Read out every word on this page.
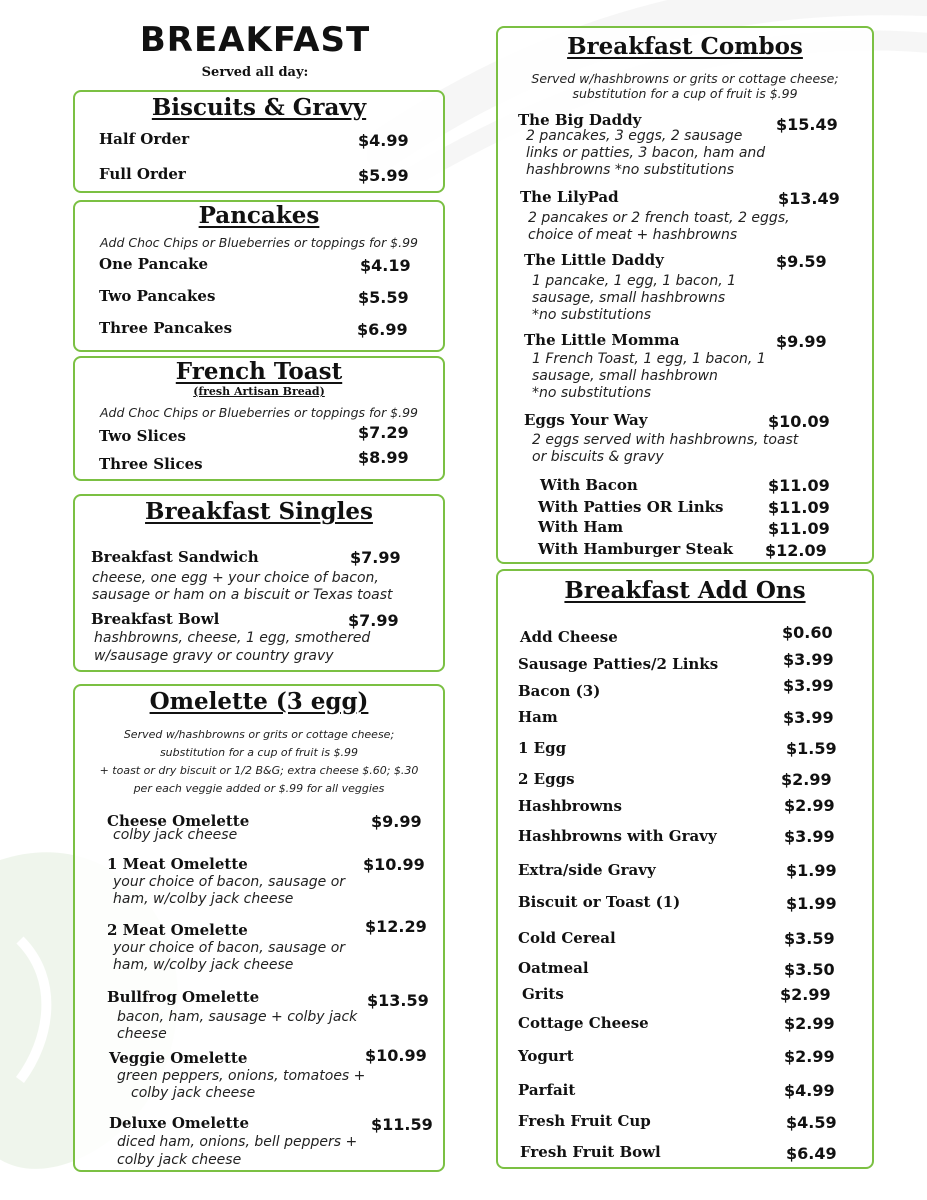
BREAKFAST
Served all day:
Biscuits & Gravy
Half Order	$4.99
Full Order	$5.99
Pancakes
Add Choc Chips or Blueberries or toppings for $.99
One Pancake	$4.19
Two Pancakes	$5.59
Three Pancakes	$6.99
French Toast
(fresh Artisan Bread)
Add Choc Chips or Blueberries or toppings for $.99
Two Slices	$7.29
Three Slices	$8.99
Breakfast Singles
Breakfast Sandwich	$7.99
cheese, one egg + your choice of bacon,
sausage or ham on a biscuit or Texas toast
Breakfast Bowl	$7.99
hashbrowns, cheese, 1 egg, smothered
w/sausage gravy or country gravy
Omelette (3 egg)
Served w/hashbrowns or grits or cottage cheese;
substitution for a cup of fruit is $.99
+ toast or dry biscuit or 1/2 B&G; extra cheese $.60; $.30
per each veggie added or $.99 for all veggies
Cheese Omelette	$9.99
colby jack cheese
1 Meat Omelette	$10.99
your choice of bacon, sausage or
ham, w/colby jack cheese
2 Meat Omelette	$12.29
your choice of bacon, sausage or
ham, w/colby jack cheese
Bullfrog Omelette	$13.59
bacon, ham, sausage + colby jack
cheese
Veggie Omelette	$10.99
green peppers, onions, tomatoes +
colby jack cheese
Deluxe Omelette	$11.59
diced ham, onions, bell peppers +
colby jack cheese
Breakfast Combos
Served w/hashbrowns or grits or cottage cheese;
substitution for a cup of fruit is $.99
The Big Daddy	$15.49
2 pancakes, 3 eggs, 2 sausage
links or patties, 3 bacon, ham and
hashbrowns *no substitutions
The LilyPad	$13.49
2 pancakes or 2 french toast, 2 eggs,
choice of meat + hashbrowns
The Little Daddy	$9.59
1 pancake, 1 egg, 1 bacon, 1
sausage, small hashbrowns
*no substitutions
The Little Momma	$9.99
1 French Toast, 1 egg, 1 bacon, 1
sausage, small hashbrown
*no substitutions
Eggs Your Way	$10.09
2 eggs served with hashbrowns, toast
or biscuits & gravy
With Bacon	$11.09
With Patties OR Links	$11.09
With Ham	$11.09
With Hamburger Steak $12.09
Breakfast Add Ons
Add Cheese	$0.60
Sausage Patties/2 Links	$3.99
Bacon (3)	$3.99
Ham	$3.99
1 Egg	$1.59
2 Eggs	$2.99
Hashbrowns	$2.99
Hashbrowns with Gravy	$3.99
Extra/side Gravy	$1.99
Biscuit or Toast (1)	$1.99
Cold Cereal	$3.59
Oatmeal	$3.50
Grits	$2.99
Cottage Cheese	$2.99
Yogurt	$2.99
Parfait	$4.99
Fresh Fruit Cup	$4.59
Fresh Fruit Bowl	$6.49
